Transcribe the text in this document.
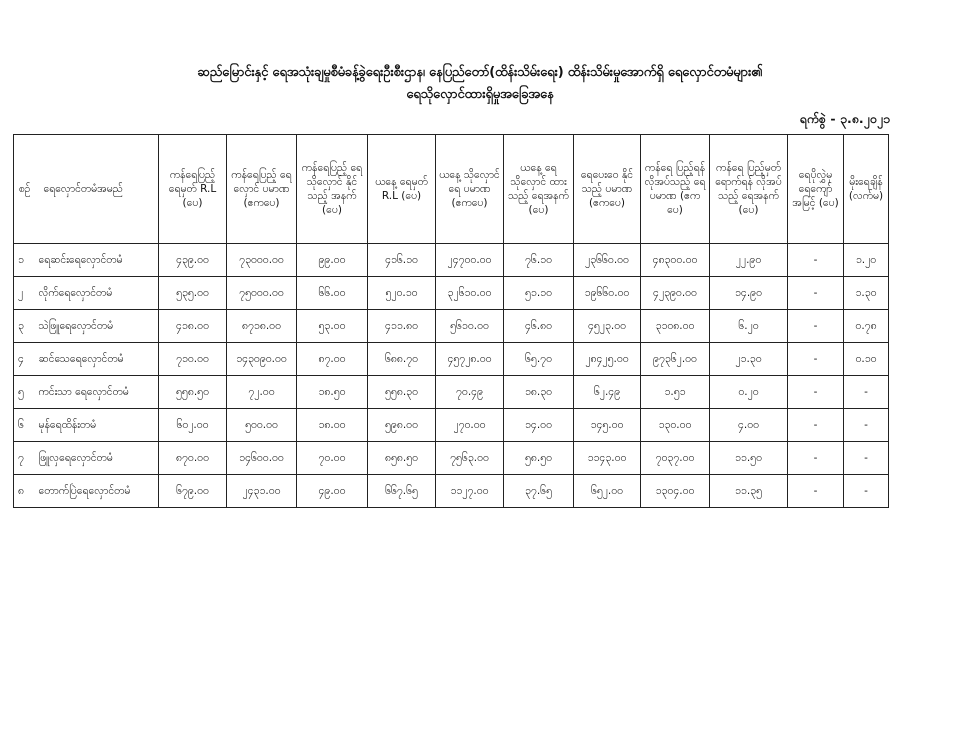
ဆည်မြောင်းနှင့် ရေအသုံးချမှုစီမံခန့်ခွဲရေးဦးစီးဌာန၊ နေပြည်တော်(ထိန်းသိမ်းရေး) ထိန်းသိမ်းမှုအောက်ရှိ ရေလှောင်တမံများ၏
ရေသိုလှောင်ထားရှိမှုအခြေအနေ
ရက်စွဲ - ၃.၈.၂၀၂၁
စဉ်	ရေလှောင်တမံအမည်	ကန်ရေပြည့် ရေမှတ် R.L (ပေ)	ကန်ရေပြည့် ရေလှောင် ပမာဏ (ဧကပေ)	ကန်ရေပြည့် ရေသိုလှောင် နိုင်သည့် အနက် (ပေ)	ယနေ့ ရေမှတ် R.L (ပေ)	ယနေ့ သိုလှောင်ရေ ပမာဏ (ဧကပေ)	ယနေ့ ရေသိုလှောင် ထားသည့် ရေအနက် (ပေ)	ရေပေးဝေ နိုင်သည့် ပမာဏ (ဧကပေ)	ကန်ရေ ပြည့်ရန် လိုအပ်သည့် ရေပမာဏ (ဧကပေ)	ကန်ရေ ပြည့်မှတ် ရောက်ရန် လိုအပ်သည့် ရေအနက် (ပေ)	ရေပိုလွှဲမှ ရေကျော် အမြင့် (ပေ)	မိုးရေချိန် (လက်မ)
၁	ရေဆင်းရေလှောင်တမံ	၄၃၉.၀၀	၇၃၀၀၀.၀၀	၉၉.၀၀	၄၁၆.၁၀	၂၄၇၀၀.၀၀	၇၆.၁၀	၂၃၆၆၀.၀၀	၄၈၃၀၀.၀၀	၂၂.၉၀	-	၁.၂၀
၂	လိုက်ရေလှောင်တမံ	၅၃၅.၀၀	၇၅၀၀၀.၀၀	၆၆.၀၀	၅၂၀.၁၀	၃၂၆၁၀.၀၀	၅၁.၁၀	၁၉၆၆၀.၀၀	၄၂၃၉၀.၀၀	၁၄.၉၀	-	၁.၃၀
၃	သဲဖြူရေလှောင်တမံ	၄၁၈.၀၀	၈၇၁၈.၀၀	၅၃.၀၀	၄၁၁.၈၀	၅၆၁၀.၀၀	၄၆.၈၀	၄၅၂၃.၀၀	၃၁၀၈.၀၀	၆.၂၀	-	၀.၇၈
၄	ဆင်သေရေလှောင်တမံ	၇၁၀.၀၀	၁၄၃၀၉၀.၀၀	၈၇.၀၀	၆၈၈.၇၀	၄၅၇၂၈.၀၀	၆၅.၇၀	၂၈၄၂၅.၀၀	၉၇၃၆၂.၀၀	၂၁.၃၀	-	၀.၁၀
၅	ကင်းသာ ရေလှောင်တမံ	၅၅၈.၅၀	၇၂.၀၀	၁၈.၅၀	၅၅၈.၃၀	၇၀.၄၉	၁၈.၃၀	၆၂.၄၉	၁.၅၁	၀.၂၀	-	-
၆	မုန်ရေထိန်းတမံ	၆၀၂.၀၀	၅၀၀.၀၀	၁၈.၀၀	၅၉၈.၀၀	၂၇၀.၀၀	၁၄.၀၀	၁၄၅.၀၀	၁၃၀.၀၀	၄.၀၀	-	-
၇	ဖြူလှရေလှောင်တမံ	၈၇၀.၀၀	၁၄၆၀၀.၀၀	၇၀.၀၀	၈၅၈.၅၀	၇၅၆၃.၀၀	၅၈.၅၀	၁၁၄၃.၀၀	၇၀၃၇.၀၀	၁၁.၅၀	-	-
၈	တောက်ပြဲရေလှောင်တမံ	၆၇၉.၀၀	၂၄၃၁.၀၀	၄၉.၀၀	၆၆၇.၆၅	၁၁၂၇.၀၀	၃၇.၆၅	၆၅၂.၀၀	၁၃၀၄.၀၀	၁၁.၃၅	-	-
